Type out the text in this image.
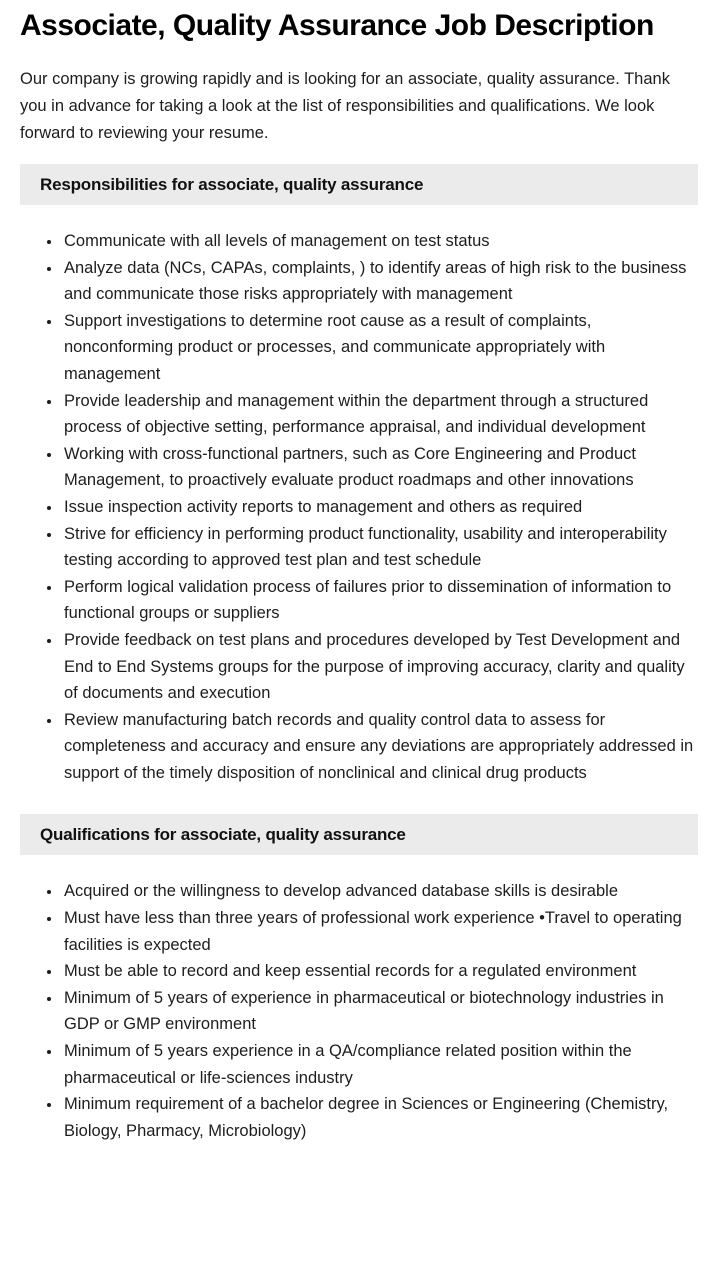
Associate, Quality Assurance Job Description

Our company is growing rapidly and is looking for an associate, quality assurance. Thank you in advance for taking a look at the list of responsibilities and qualifications. We look forward to reviewing your resume.

Responsibilities for associate, quality assurance
• Communicate with all levels of management on test status
• Analyze data (NCs, CAPAs, complaints, ) to identify areas of high risk to the business and communicate those risks appropriately with management
• Support investigations to determine root cause as a result of complaints, nonconforming product or processes, and communicate appropriately with management
• Provide leadership and management within the department through a structured process of objective setting, performance appraisal, and individual development
• Working with cross-functional partners, such as Core Engineering and Product Management, to proactively evaluate product roadmaps and other innovations
• Issue inspection activity reports to management and others as required
• Strive for efficiency in performing product functionality, usability and interoperability testing according to approved test plan and test schedule
• Perform logical validation process of failures prior to dissemination of information to functional groups or suppliers
• Provide feedback on test plans and procedures developed by Test Development and End to End Systems groups for the purpose of improving accuracy, clarity and quality of documents and execution
• Review manufacturing batch records and quality control data to assess for completeness and accuracy and ensure any deviations are appropriately addressed in support of the timely disposition of nonclinical and clinical drug products
Qualifications for associate, quality assurance
• Acquired or the willingness to develop advanced database skills is desirable
• Must have less than three years of professional work experience •Travel to operating facilities is expected
• Must be able to record and keep essential records for a regulated environment
• Minimum of 5 years of experience in pharmaceutical or biotechnology industries in GDP or GMP environment
• Minimum of 5 years experience in a QA/compliance related position within the pharmaceutical or life-sciences industry
• Minimum requirement of a bachelor degree in Sciences or Engineering (Chemistry, Biology, Pharmacy, Microbiology)
